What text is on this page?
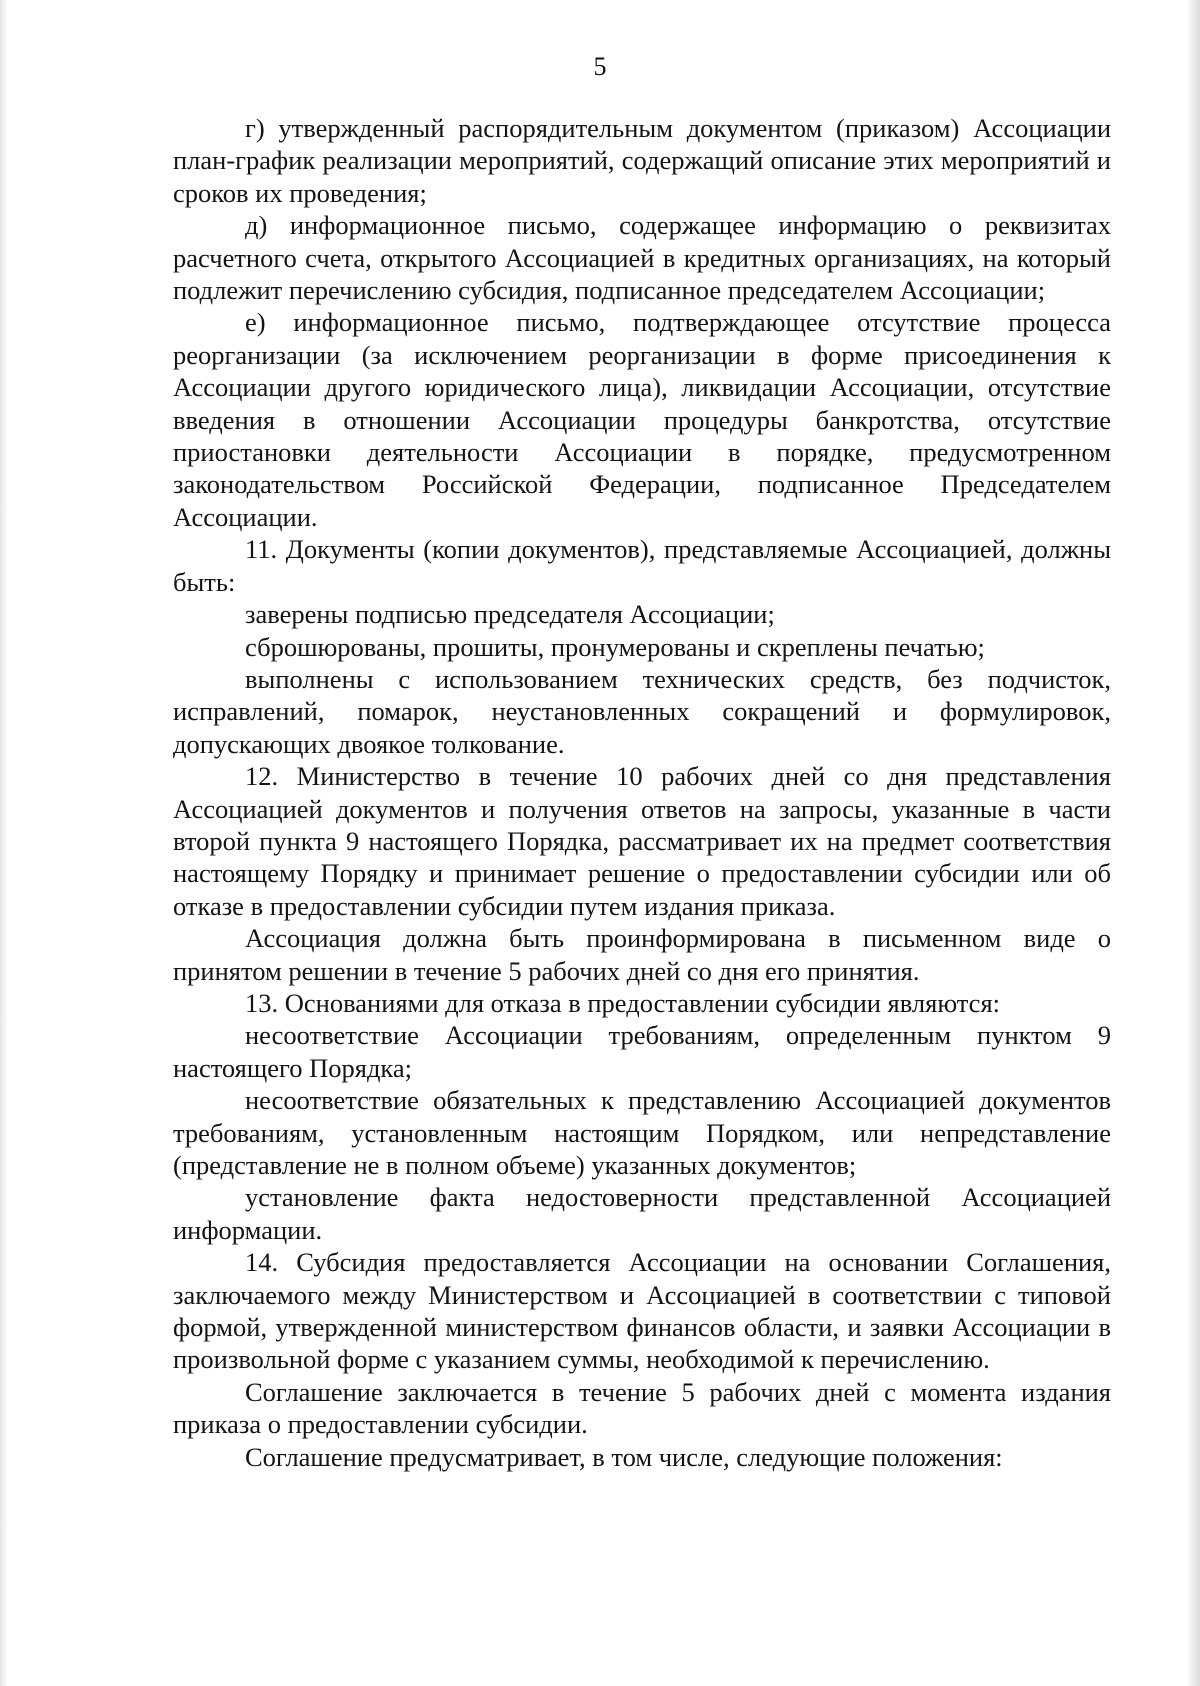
5

г) утвержденный распорядительным документом (приказом) Ассоциации план-график реализации мероприятий, содержащий описание этих мероприятий и сроков их проведения;

д) информационное письмо, содержащее информацию о реквизитах расчетного счета, открытого Ассоциацией в кредитных организациях, на который подлежит перечислению субсидия, подписанное председателем Ассоциации;

е) информационное письмо, подтверждающее отсутствие процесса реорганизации (за исключением реорганизации в форме присоединения к Ассоциации другого юридического лица), ликвидации Ассоциации, отсутствие введения в отношении Ассоциации процедуры банкротства, отсутствие приостановки деятельности Ассоциации в порядке, предусмотренном законодательством Российской Федерации, подписанное Председателем Ассоциации.

11. Документы (копии документов), представляемые Ассоциацией, должны быть:

заверены подписью председателя Ассоциации;

сброшюрованы, прошиты, пронумерованы и скреплены печатью;

выполнены с использованием технических средств, без подчисток, исправлений, помарок, неустановленных сокращений и формулировок, допускающих двоякое толкование.

12. Министерство в течение 10 рабочих дней со дня представления Ассоциацией документов и получения ответов на запросы, указанные в части второй пункта 9 настоящего Порядка, рассматривает их на предмет соответствия настоящему Порядку и принимает решение о предоставлении субсидии или об отказе в предоставлении субсидии путем издания приказа.

Ассоциация должна быть проинформирована в письменном виде о принятом решении в течение 5 рабочих дней со дня его принятия.

13. Основаниями для отказа в предоставлении субсидии являются:

несоответствие Ассоциации требованиям, определенным пунктом 9 настоящего Порядка;

несоответствие обязательных к представлению Ассоциацией документов требованиям, установленным настоящим Порядком, или непредставление (представление не в полном объеме) указанных документов;

установление факта недостоверности представленной Ассоциацией информации.

14. Субсидия предоставляется Ассоциации на основании Соглашения, заключаемого между Министерством и Ассоциацией в соответствии с типовой формой, утвержденной министерством финансов области, и заявки Ассоциации в произвольной форме с указанием суммы, необходимой к перечислению.

Соглашение заключается в течение 5 рабочих дней с момента издания приказа о предоставлении субсидии.

Соглашение предусматривает, в том числе, следующие положения:
